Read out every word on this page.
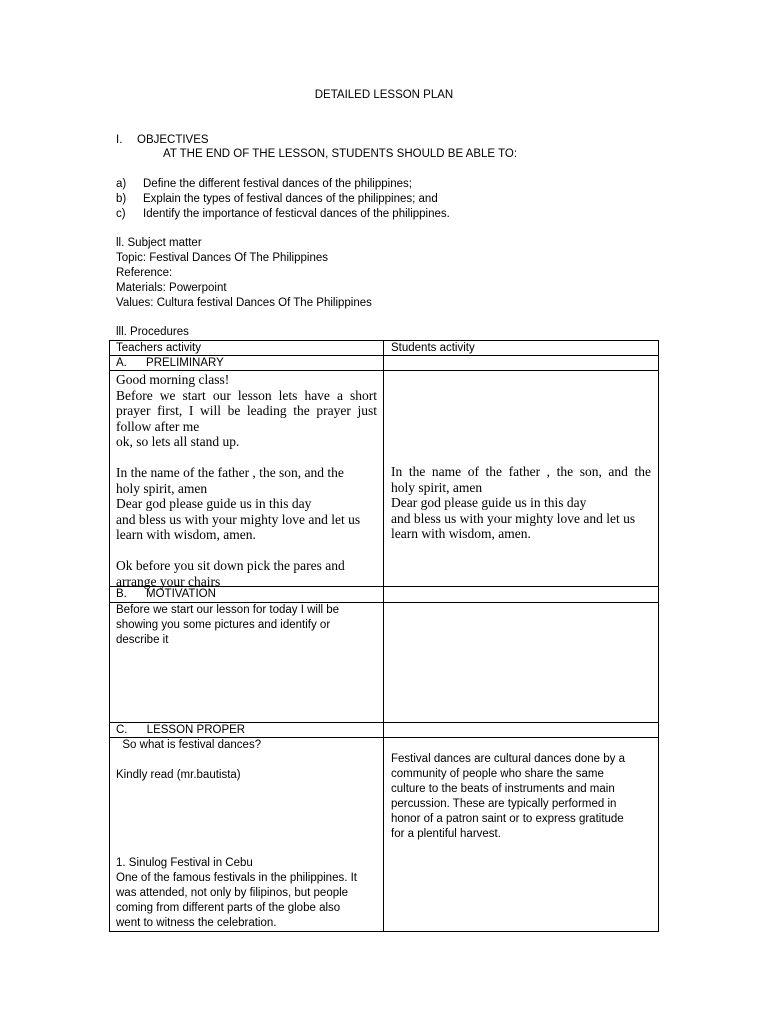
DETAILED LESSON PLAN
I. OBJECTIVES
AT THE END OF THE LESSON, STUDENTS SHOULD BE ABLE TO:
a) Define the different festival dances of the philippines;
b) Explain the types of festival dances of the philippines; and
c) Identify the importance of festicval dances of the philippines.
ll. Subject matter
Topic: Festival Dances Of The Philippines
Reference:
Materials: Powerpoint
Values: Cultura festival Dances Of The Philippines
lll. Procedures
Teachers activity	Students activity
A.      PRELIMINARY
Good morning class!
Before we start our lesson lets have a short
prayer first, I will be leading the prayer just
follow after me
ok, so lets all stand up.
In the name of the father , the son, and the
holy spirit, amen
Dear god please guide us in this day
and bless us with your mighty love and let us
learn with wisdom, amen.
Ok before you sit down pick the pares and
arrange your chairs
In the name of the father , the son, and the
holy spirit, amen
Dear god please guide us in this day
and bless us with your mighty love and let us
learn with wisdom, amen.
B.      MOTIVATION
Before we start our lesson for today I will be
showing you some pictures and identify or
describe it
C.      LESSON PROPER
So what is festival dances?
Kindly read (mr.bautista)
Festival dances are cultural dances done by a
community of people who share the same
culture to the beats of instruments and main
percussion. These are typically performed in
honor of a patron saint or to express gratitude
for a plentiful harvest.
1. Sinulog Festival in Cebu
One of the famous festivals in the philippines. It
was attended, not only by filipinos, but people
coming from different parts of the globe also
went to witness the celebration.
